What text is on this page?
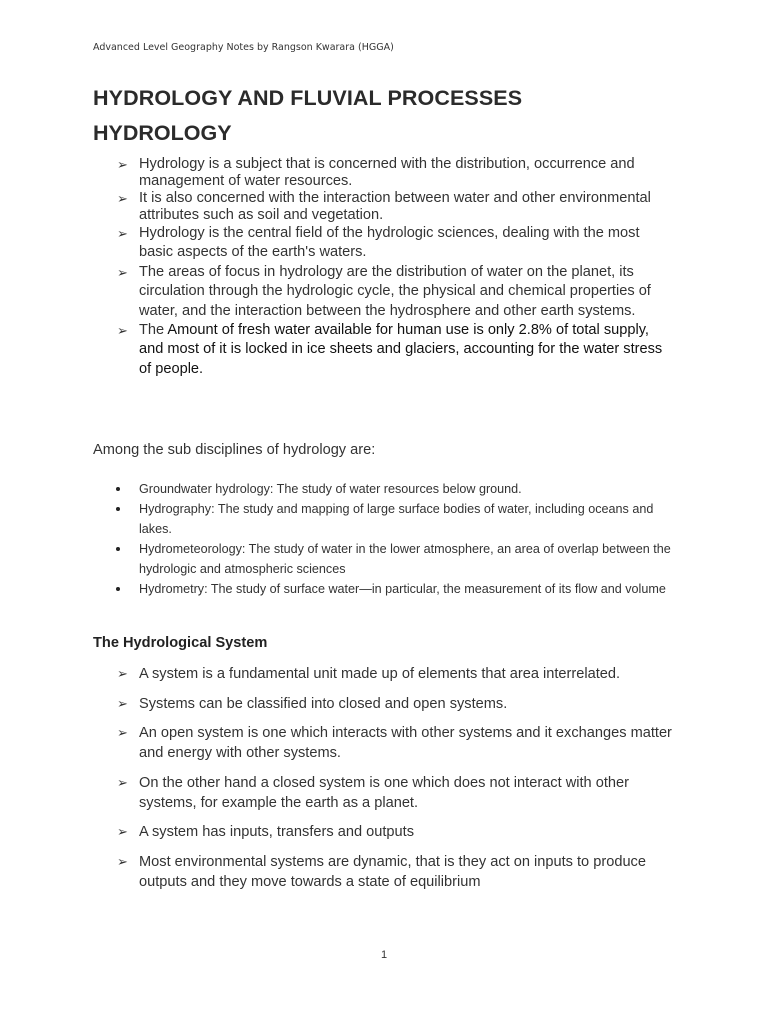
Advanced Level Geography Notes by Rangson Kwarara (HGGA)
HYDROLOGY AND FLUVIAL PROCESSES
HYDROLOGY
➢ Hydrology is a subject that is concerned with the distribution, occurrence and management of water resources.
➢ It is also concerned with the interaction between water and other environmental attributes such as soil and vegetation.
➢ Hydrology is the central field of the hydrologic sciences, dealing with the most basic aspects of the earth's waters.
➢ The areas of focus in hydrology are the distribution of water on the planet, its circulation through the hydrologic cycle, the physical and chemical properties of water, and the interaction between the hydrosphere and other earth systems.
➢ The Amount of fresh water available for human use is only 2.8% of total supply, and most of it is locked in ice sheets and glaciers, accounting for the water stress of people.

Among the sub disciplines of hydrology are:

Groundwater hydrology: The study of water resources below ground.
Hydrography: The study and mapping of large surface bodies of water, including oceans and lakes.
Hydrometeorology: The study of water in the lower atmosphere, an area of overlap between the hydrologic and atmospheric sciences
Hydrometry: The study of surface water—in particular, the measurement of its flow and volume
The Hydrological System
➢ A system is a fundamental unit made up of elements that area interrelated.
➢ Systems can be classified into closed and open systems.
➢ An open system is one which interacts with other systems and it exchanges matter and energy with other systems.
➢ On the other hand a closed system is one which does not interact with other systems, for example the earth as a planet.
➢ A system has inputs, transfers and outputs
➢ Most environmental systems are dynamic, that is they act on inputs to produce outputs and they move towards a state of equilibrium
1
